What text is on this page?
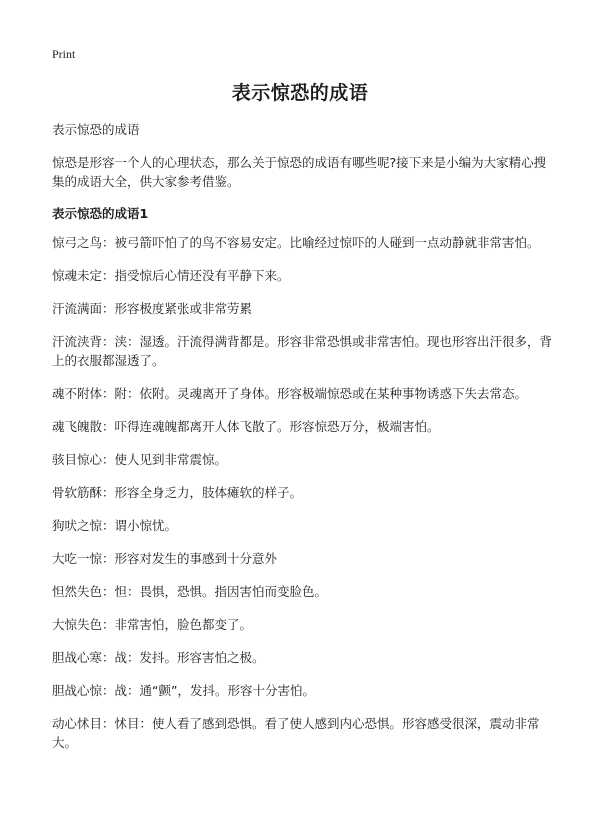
Print
表示惊恐的成语

表示惊恐的成语

惊恐是形容一个人的心理状态，那么关于惊恐的成语有哪些呢?接下来是小编为大家精心搜集的成语大全，供大家参考借鉴。

表示惊恐的成语1

惊弓之鸟：被弓箭吓怕了的鸟不容易安定。比喻经过惊吓的人碰到一点动静就非常害怕。

惊魂未定：指受惊后心情还没有平静下来。

汗流满面：形容极度紧张或非常劳累

汗流浃背：浃：湿透。汗流得满背都是。形容非常恐惧或非常害怕。现也形容出汗很多，背上的衣服都湿透了。

魂不附体：附：依附。灵魂离开了身体。形容极端惊恐或在某种事物诱惑下失去常态。

魂飞魄散：吓得连魂魄都离开人体飞散了。形容惊恐万分，极端害怕。

骇目惊心：使人见到非常震惊。

骨软筋酥：形容全身乏力，肢体瘫软的样子。

狗吠之惊：谓小惊忧。

大吃一惊：形容对发生的事感到十分意外

怛然失色：怛：畏惧，恐惧。指因害怕而变脸色。

大惊失色：非常害怕，脸色都变了。

胆战心寒：战：发抖。形容害怕之极。

胆战心惊：战：通“颤”，发抖。形容十分害怕。

动心怵目：怵目：使人看了感到恐惧。看了使人感到内心恐惧。形容感受很深，震动非常大。
